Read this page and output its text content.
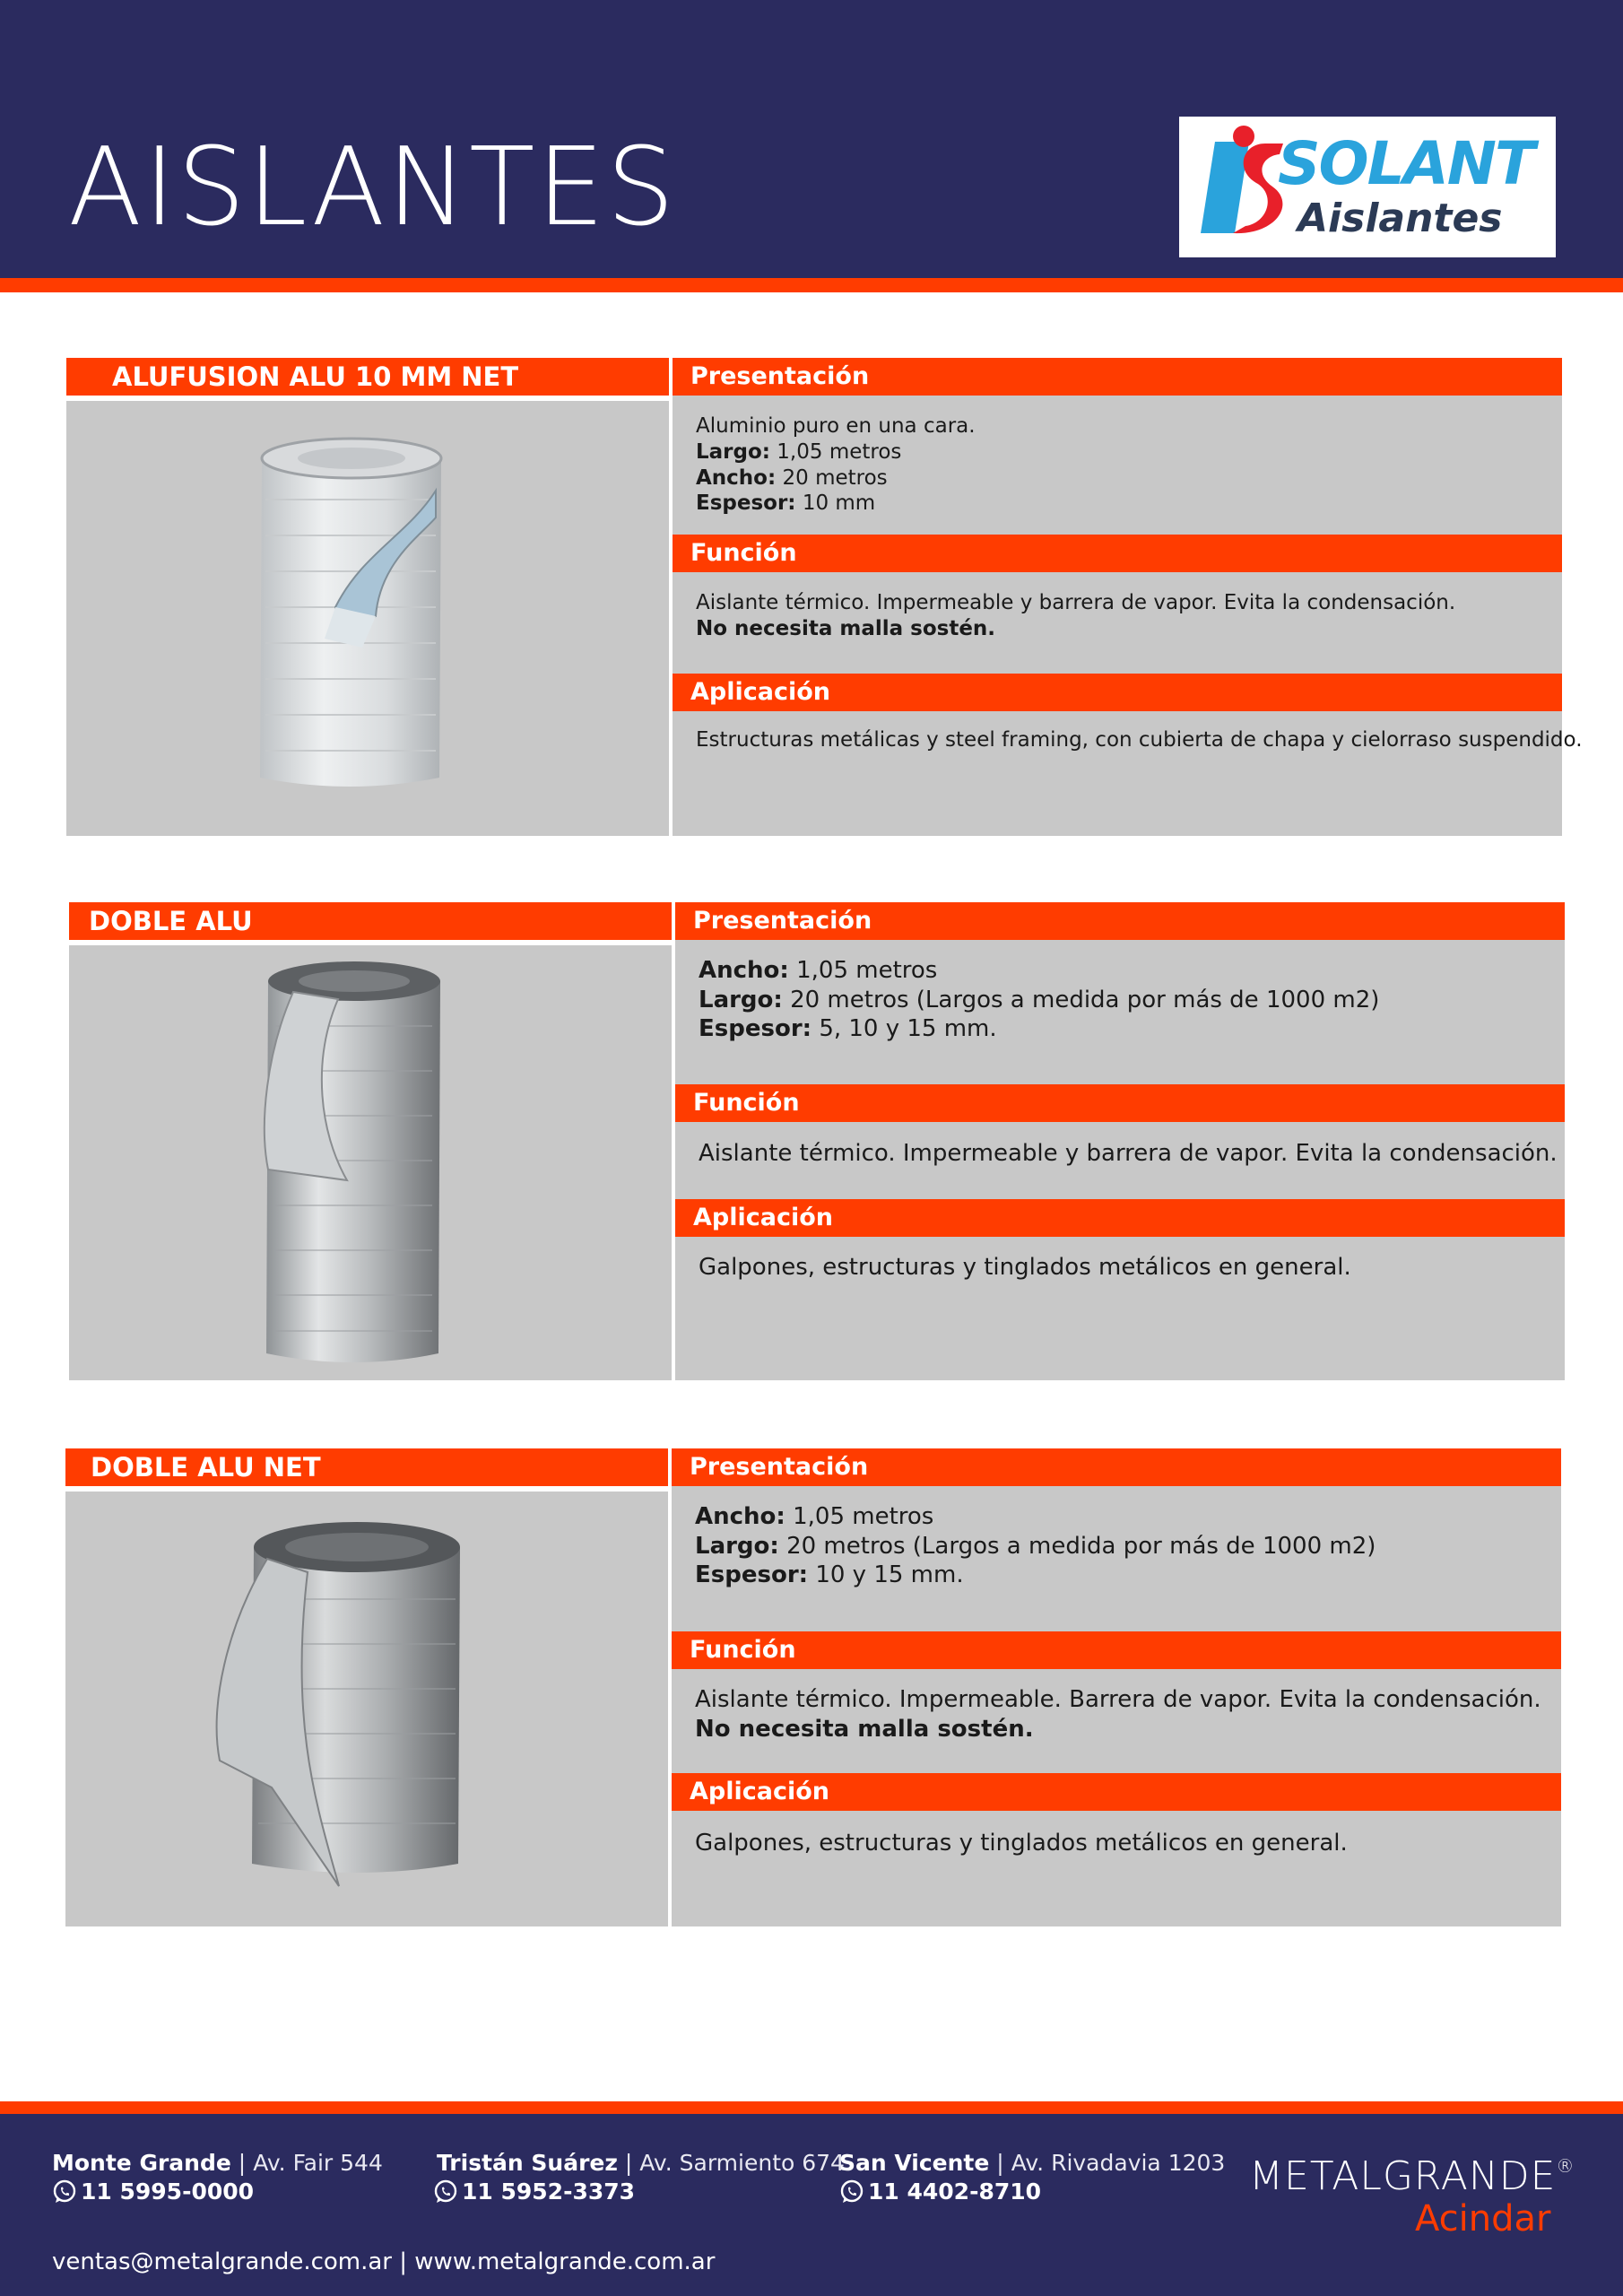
AISLANTES	SOLANT
Aislantes
ALUFUSION ALU 10 MM NET	Presentación
Aluminio puro en una cara.
Largo: 1,05 metros
Ancho: 20 metros
Espesor: 10 mm
Función
Aislante térmico. Impermeable y barrera de vapor. Evita la condensación.
No necesita malla sostén.
Aplicación
Estructuras metálicas y steel framing, con cubierta de chapa y cielorraso suspendido.
DOBLE ALU	Presentación
Ancho: 1,05 metros
Largo: 20 metros (Largos a medida por más de 1000 m2)
Espesor: 5, 10 y 15 mm.
Función
Aislante térmico. Impermeable y barrera de vapor. Evita la condensación.
Aplicación
Galpones, estructuras y tinglados metálicos en general.
DOBLE ALU NET	Presentación
Ancho: 1,05 metros
Largo: 20 metros (Largos a medida por más de 1000 m2)
Espesor: 10 y 15 mm.
Función
Aislante térmico. Impermeable. Barrera de vapor. Evita la condensación.
No necesita malla sostén.
Aplicación
Galpones, estructuras y tinglados metálicos en general.
Monte Grande | Av. Fair 544
11 5995-0000
Tristán Suárez | Av. Sarmiento 674
11 5952-3373
San Vicente | Av. Rivadavia 1203
11 4402-8710
ventas@metalgrande.com.ar | www.metalgrande.com.ar
METALGRANDE®
Acindar
